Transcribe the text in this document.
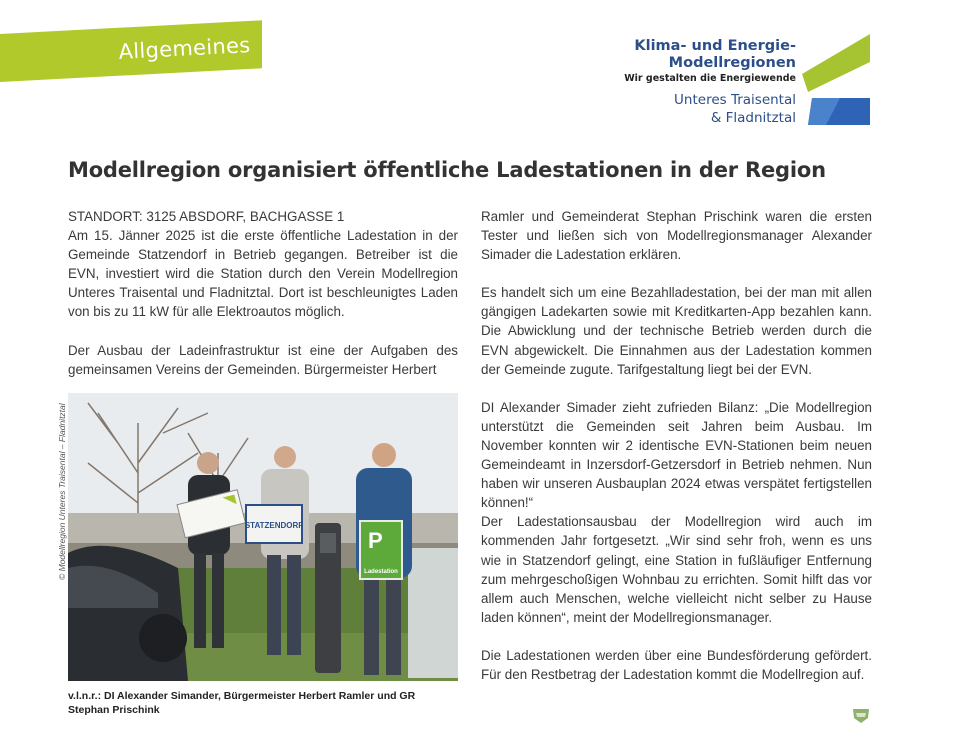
Allgemeines	Klima- und Energie-
Modellregionen
Wir gestalten die Energiewende
Unteres Traisental
& Fladnitztal
Modellregion organisiert öffentliche Ladestationen in der Region

STANDORT: 3125 ABSDORF, BACHGASSE 1

Am 15. Jänner 2025 ist die erste öffentliche Ladestation in der Gemeinde Statzendorf in Betrieb gegangen. Betreiber ist die EVN, investiert wird die Station durch den Verein Modellregion Unteres Traisental und Fladnitztal. Dort ist beschleunigtes Laden von bis zu 11 kW für alle Elektroautos möglich.

Der Ausbau der Ladeinfrastruktur ist eine der Aufgaben des gemeinsamen Vereins der Gemeinden. Bürgermeister Herbert

STATZENDORF
P
Ladestation
© Modellregion Unteres Traisental – Fladnitztal
v.l.n.r.: DI Alexander Simander, Bürgermeister Herbert Ramler und GR Stephan Prischink

Ramler und Gemeinderat Stephan Prischink waren die ersten Tester und ließen sich von Modellregionsmanager Alexander Simader die Ladestation erklären.

Es handelt sich um eine Bezahlladestation, bei der man mit allen gängigen Ladekarten sowie mit Kreditkarten-App bezahlen kann. Die Abwicklung und der technische Betrieb werden durch die EVN abgewickelt. Die Einnahmen aus der Ladestation kommen der Gemeinde zugute. Tarifgestaltung liegt bei der EVN.

DI Alexander Simader zieht zufrieden Bilanz: „Die Modellregion unterstützt die Gemeinden seit Jahren beim Ausbau. Im November konnten wir 2 identische EVN-Stationen beim neuen Gemeindeamt in Inzersdorf-Getzersdorf in Betrieb nehmen. Nun haben wir unseren Ausbauplan 2024 etwas verspätet fertigstellen können!“

Der Ladestationsausbau der Modellregion wird auch im kommenden Jahr fortgesetzt. „Wir sind sehr froh, wenn es uns wie in Statzendorf gelingt, eine Station in fußläufiger Entfernung zum mehrgeschoßigen Wohnbau zu errichten. Somit hilft das vor allem auch Menschen, welche vielleicht nicht selber zu Hause laden können“, meint der Modellregionsmanager.

Die Ladestationen werden über eine Bundesförderung gefördert. Für den Restbetrag der Ladestation kommt die Modellregion auf.
